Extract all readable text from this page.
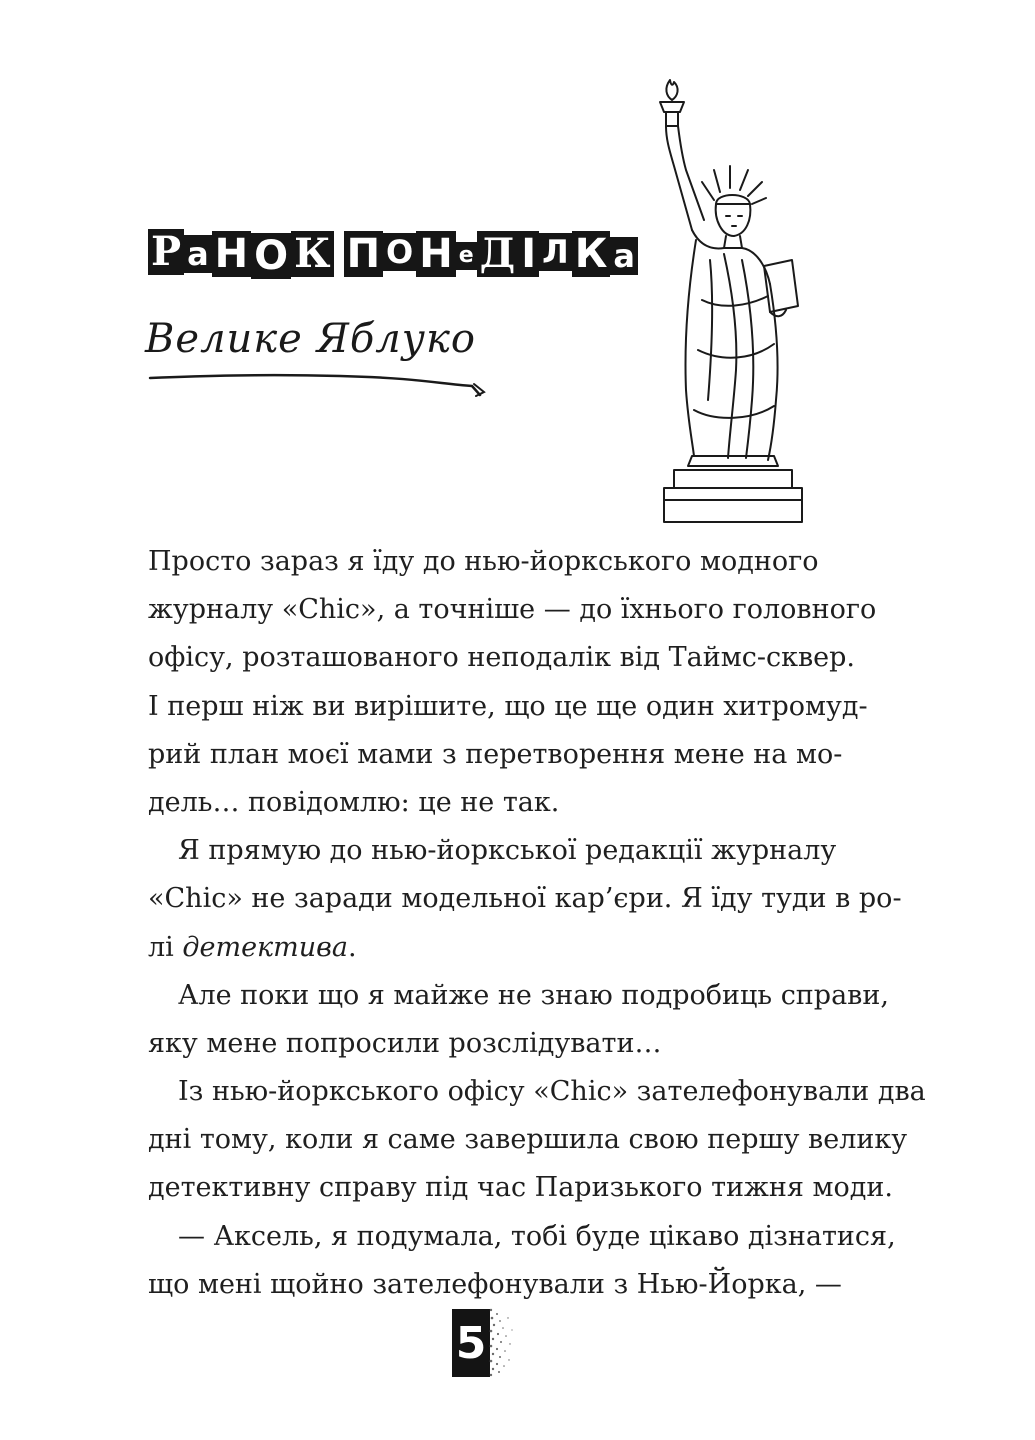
Р а Н О К П О Н е Д І Л К а
Велике Яблуко
Просто зараз я їду до нью-йоркського модного
журналу «Chic», а точніше — до їхнього головного
офісу, розташованого неподалік від Таймс-сквер.
І перш ніж ви вирішите, що це ще один хитромуд-
рий план моєї мами з перетворення мене на мо-
дель… повідомлю: це не так.
Я прямую до нью-йоркської редакції журналу
«Chic» не заради модельної кар’єри. Я їду туди в ро-
лі детектива.
Але поки що я майже не знаю подробиць справи,
яку мене попросили розслідувати…
Із нью-йоркського офісу «Chic» зателефонували два
дні тому, коли я саме завершила свою першу велику
детективну справу під час Паризького тижня моди.
— Аксель, я подумала, тобі буде цікаво дізнатися,
що мені щойно зателефонували з Нью-Йорка, —
5
